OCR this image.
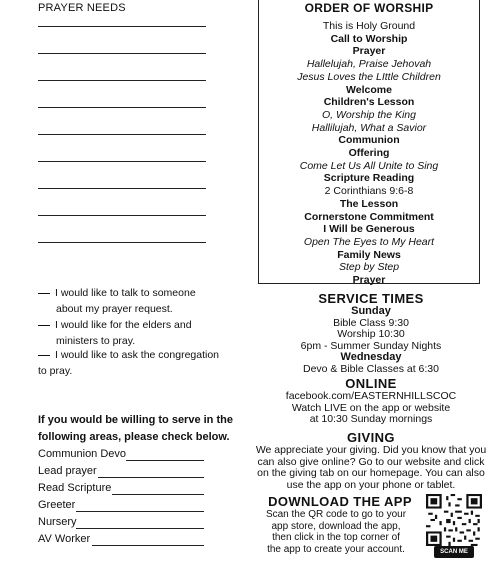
PRAYER NEEDS
I would like to talk to someone
about my prayer request.
I would like for the elders and
ministers to pray.
I would like to ask the congregation
to pray.
If you would be willing to serve in the following areas, please check below.
Communion Devo
Lead prayer
Read Scripture
Greeter
Nursery
AV Worker
ORDER OF WORSHIP
This is Holy Ground
Call to Worship
Prayer
Hallelujah, Praise Jehovah
Jesus Loves the LIttle Children
Welcome
Children's Lesson
O, Worship the King
Hallilujah, What a Savior
Communion
Offering
Come Let Us All Unite to Sing
Scripture Reading
2 Corinthians 9:6-8
The Lesson
Cornerstone Commitment
I Will be Generous
Open The Eyes to My Heart
Family News
Step by Step
Prayer
SERVICE TIMES
Sunday
Bible Class 9:30
Worship 10:30
6pm - Summer Sunday Nights
Wednesday
Devo & Bible Classes at 6:30
ONLINE
facebook.com/EASTERNHILLSCOC
Watch LIVE on the app or website
at 10:30 Sunday mornings
GIVING
We appreciate your giving. Did you know that you
can also give online? Go to our website and click
on the giving tab on our homepage. You can also
use the app on your phone or tablet.
DOWNLOAD THE APP
Scan the QR code to go to your
app store, download the app,
then click in the top corner of
the app to create your account.	SCAN ME
